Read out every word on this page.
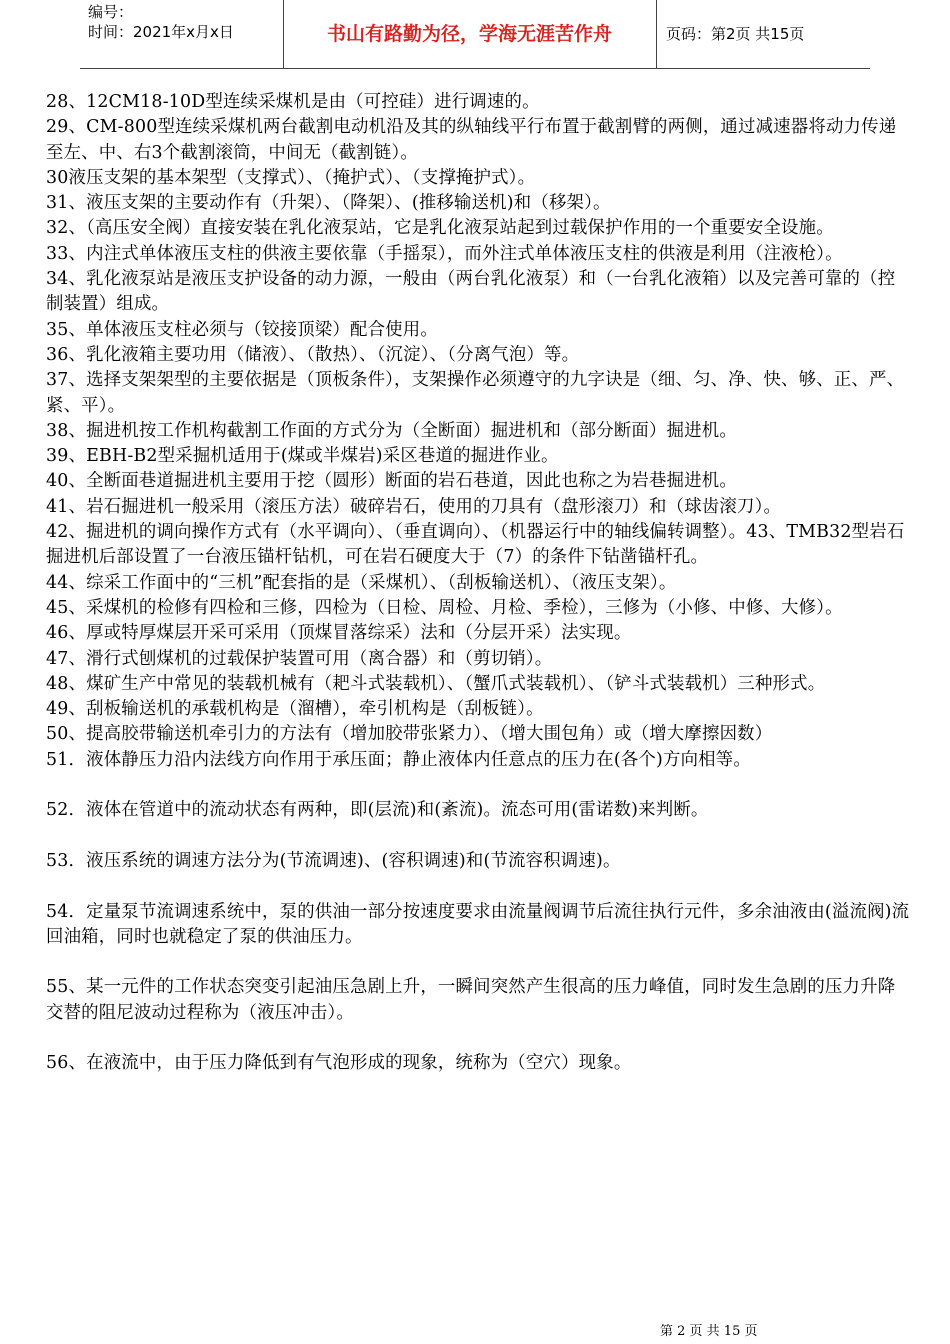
编号：
时间：2021年x月x日	书山有路勤为径，学海无涯苦作舟	页码：第2页 共15页

28、12CM18-10D型连续采煤机是由（可控硅）进行调速的。

29、CM-800型连续采煤机两台截割电动机沿及其的纵轴线平行布置于截割臂的两侧，通过减速器将动力传递至左、中、右3个截割滚筒，中间无（截割链）。

30液压支架的基本架型（支撑式）、（掩护式）、（支撑掩护式）。

31、液压支架的主要动作有（升架）、（降架）、(推移输送机)和（移架）。

32、（高压安全阀）直接安装在乳化液泵站，它是乳化液泵站起到过载保护作用的一个重要安全设施。

33、内注式单体液压支柱的供液主要依靠（手摇泵），而外注式单体液压支柱的供液是利用（注液枪）。

34、乳化液泵站是液压支护设备的动力源，一般由（两台乳化液泵）和（一台乳化液箱）以及完善可靠的（控制装置）组成。

35、单体液压支柱必须与（铰接顶梁）配合使用。

36、乳化液箱主要功用（储液）、（散热）、（沉淀）、（分离气泡）等。

37、选择支架架型的主要依据是（顶板条件），支架操作必须遵守的九字诀是（细、匀、净、快、够、正、严、紧、平）。

38、掘进机按工作机构截割工作面的方式分为（全断面）掘进机和（部分断面）掘进机。

39、EBH-B2型采掘机适用于(煤或半煤岩)采区巷道的掘进作业。

40、全断面巷道掘进机主要用于挖（圆形）断面的岩石巷道，因此也称之为岩巷掘进机。

41、岩石掘进机一般采用（滚压方法）破碎岩石，使用的刀具有（盘形滚刀）和（球齿滚刀）。

42、掘进机的调向操作方式有（水平调向）、（垂直调向）、（机器运行中的轴线偏转调整）。43、TMB32型岩石掘进机后部设置了一台液压锚杆钻机，可在岩石硬度大于（7）的条件下钻凿锚杆孔。

44、综采工作面中的“三机”配套指的是（采煤机）、（刮板输送机）、（液压支架）。

45、采煤机的检修有四检和三修，四检为（日检、周检、月检、季检），三修为（小修、中修、大修）。

46、厚或特厚煤层开采可采用（顶煤冒落综采）法和（分层开采）法实现。

47、滑行式刨煤机的过载保护装置可用（离合器）和（剪切销）。

48、煤矿生产中常见的装载机械有（耙斗式装载机）、（蟹爪式装载机）、（铲斗式装载机）三种形式。

49、刮板输送机的承载机构是（溜槽），牵引机构是（刮板链）。

50、提高胶带输送机牵引力的方法有（增加胶带张紧力）、（增大围包角）或（增大摩擦因数）

51．液体静压力沿内法线方向作用于承压面；静止液体内任意点的压力在(各个)方向相等。

52．液体在管道中的流动状态有两种，即(层流)和(紊流)。流态可用(雷诺数)来判断。

53．液压系统的调速方法分为(节流调速)、(容积调速)和(节流容积调速)。

54．定量泵节流调速系统中，泵的供油一部分按速度要求由流量阀调节后流往执行元件，多余油液由(溢流阀)流回油箱，同时也就稳定了泵的供油压力。

55、某一元件的工作状态突变引起油压急剧上升，一瞬间突然产生很高的压力峰值，同时发生急剧的压力升降交替的阻尼波动过程称为（液压冲击）。

56、在液流中，由于压力降低到有气泡形成的现象，统称为（空穴）现象。

第 2 页 共 15 页
